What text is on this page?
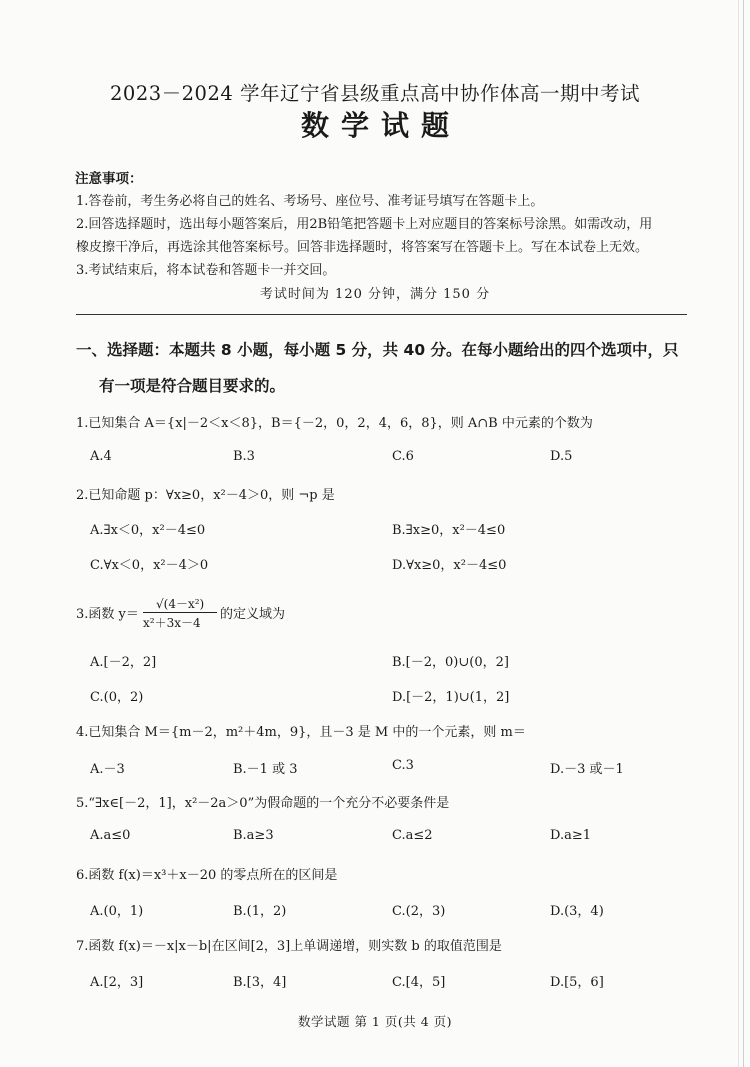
2023－2024 学年辽宁省县级重点高中协作体高一期中考试
数学试题
注意事项：
1.答卷前，考生务必将自己的姓名、考场号、座位号、准考证号填写在答题卡上。
2.回答选择题时，选出每小题答案后，用2B铅笔把答题卡上对应题目的答案标号涂黑。如需改动，用
橡皮擦干净后，再选涂其他答案标号。回答非选择题时，将答案写在答题卡上。写在本试卷上无效。
3.考试结束后，将本试卷和答题卡一并交回。
考试时间为 120 分钟，满分 150 分
一、选择题：本题共 8 小题，每小题 5 分，共 40 分。在每小题给出的四个选项中，只
有一项是符合题目要求的。
1.已知集合 A＝{x|－2＜x＜8}，B＝{－2，0，2，4，6，8}，则 A∩B 中元素的个数为
A.4	B.3	C.6	D.5
2.已知命题 p：∀x≥0，x²－4＞0，则 ¬p 是
A.∃x＜0，x²－4≤0	B.∃x≥0，x²－4≤0
C.∀x＜0，x²－4＞0	D.∀x≥0，x²－4≤0
3.函数 y＝
√(4－x²)
x²＋3x－4
的定义域为
A.[－2，2]	B.[－2，0)∪(0，2]
C.(0，2)	D.[－2，1)∪(1，2]
4.已知集合 M＝{m－2，m²＋4m，9}，且－3 是 M 中的一个元素，则 m＝
A.－3	B.－1 或 3	C.3	D.－3 或－1
5.“∃x∈[－2，1]，x²－2a＞0”为假命题的一个充分不必要条件是
A.a≤0	B.a≥3	C.a≤2	D.a≥1
6.函数 f(x)＝x³＋x－20 的零点所在的区间是
A.(0，1)	B.(1，2)	C.(2，3)	D.(3，4)
7.函数 f(x)＝－x|x－b|在区间[2，3]上单调递增，则实数 b 的取值范围是
A.[2，3]	B.[3，4]	C.[4，5]	D.[5，6]
数学试题 第 1 页(共 4 页)
